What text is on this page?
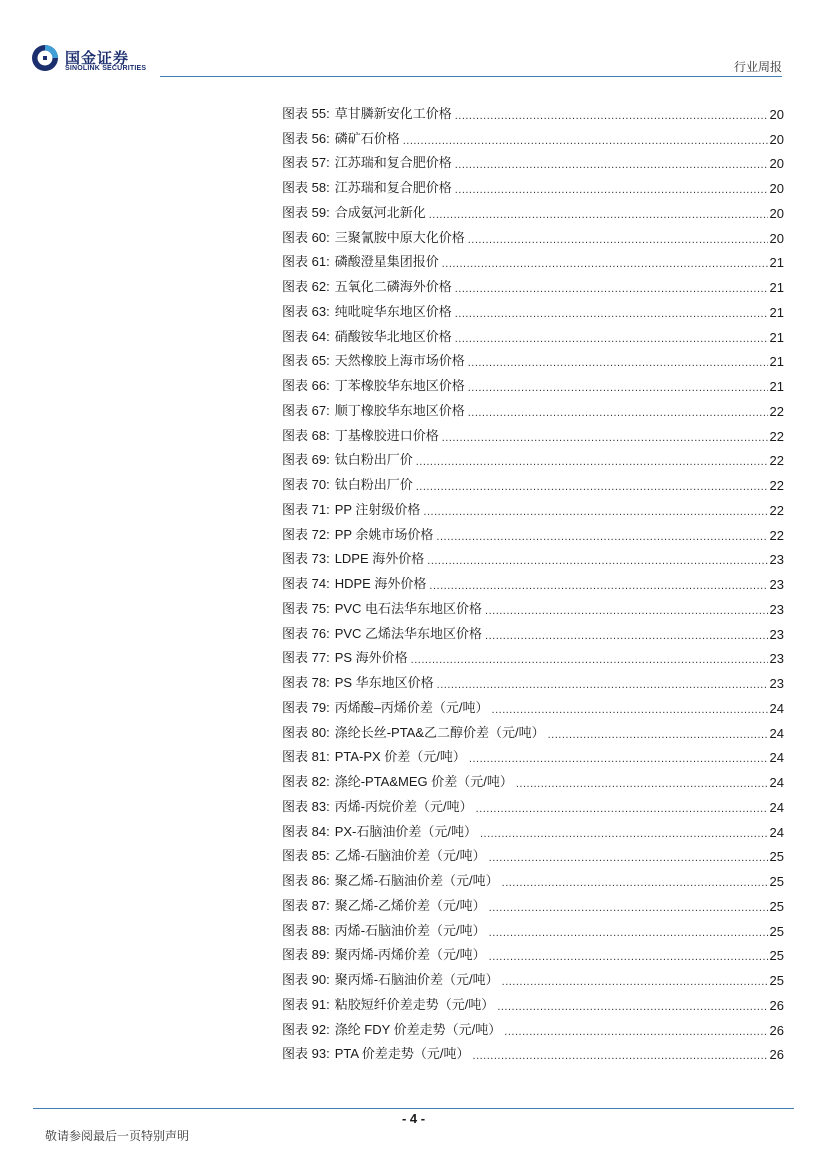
国金证券
SINOLINK SECURITIES	行业周报
图表 55: 草甘膦新安化工价格 .....	20
图表 56: 磷矿石价格 .....	20
图表 57: 江苏瑞和复合肥价格 .....	20
图表 58: 江苏瑞和复合肥价格 .....	20
图表 59: 合成氨河北新化 .....	20
图表 60: 三聚氰胺中原大化价格 .....	20
图表 61: 磷酸澄星集团报价 .....	21
图表 62: 五氧化二磷海外价格 .....	21
图表 63: 纯吡啶华东地区价格 .....	21
图表 64: 硝酸铵华北地区价格 .....	21
图表 65: 天然橡胶上海市场价格 .....	21
图表 66: 丁苯橡胶华东地区价格 .....	21
图表 67: 顺丁橡胶华东地区价格 .....	22
图表 68: 丁基橡胶进口价格 .....	22
图表 69: 钛白粉出厂价 .....	22
图表 70: 钛白粉出厂价 .....	22
图表 71: PP 注射级价格 .....	22
图表 72: PP 余姚市场价格 .....	22
图表 73: LDPE 海外价格 .....	23
图表 74: HDPE 海外价格 .....	23
图表 75: PVC 电石法华东地区价格 .....	23
图表 76: PVC 乙烯法华东地区价格 .....	23
图表 77: PS 海外价格 .....	23
图表 78: PS 华东地区价格 .....	23
图表 79: 丙烯酸–丙烯价差（元/吨） .....	24
图表 80: 涤纶长丝-PTA&乙二醇价差（元/吨） .....	24
图表 81: PTA-PX 价差（元/吨） .....	24
图表 82: 涤纶-PTA&MEG 价差（元/吨） .....	24
图表 83: 丙烯-丙烷价差（元/吨） .....	24
图表 84: PX-石脑油价差（元/吨） .....	24
图表 85: 乙烯-石脑油价差（元/吨） .....	25
图表 86: 聚乙烯-石脑油价差（元/吨） .....	25
图表 87: 聚乙烯-乙烯价差（元/吨） .....	25
图表 88: 丙烯-石脑油价差（元/吨） .....	25
图表 89: 聚丙烯-丙烯价差（元/吨） .....	25
图表 90: 聚丙烯-石脑油价差（元/吨） .....	25
图表 91: 粘胶短纤价差走势（元/吨） .....	26
图表 92: 涤纶 FDY 价差走势（元/吨） .....	26
图表 93: PTA 价差走势（元/吨） .....	26
- 4 -
敬请参阅最后一页特别声明
